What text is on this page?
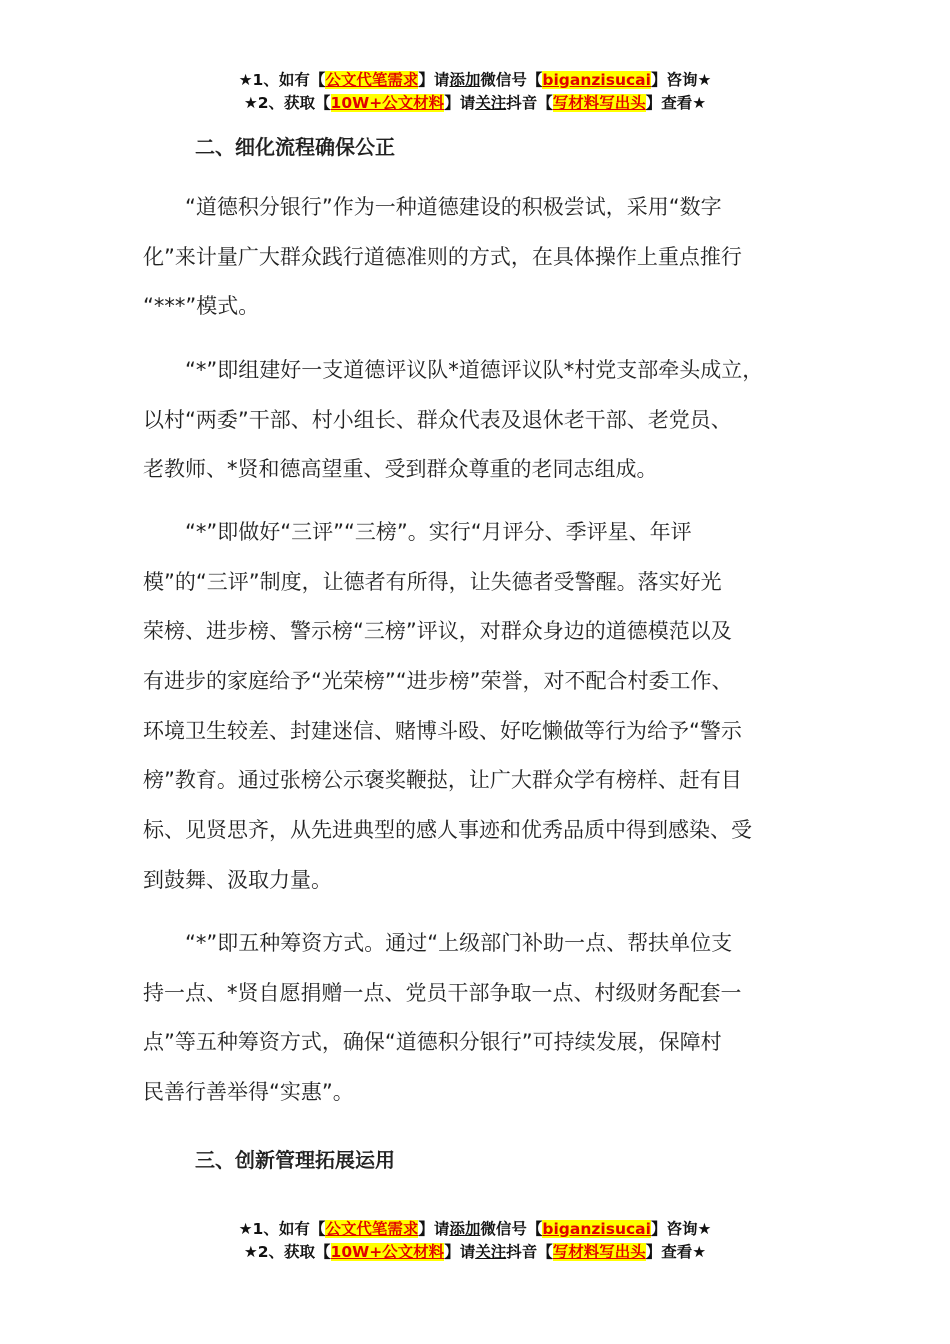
★1、如有【公文代笔需求】请添加微信号【biganzisucai】咨询★
★2、获取【10W+公文材料】请关注抖音【写材料写出头】查看★
二、细化流程确保公正
　　“道德积分银行”作为一种道德建设的积极尝试，采用“数字
化”来计量广大群众践行道德准则的方式，在具体操作上重点推行
“***”模式。
　　“*”即组建好一支道德评议队*道德评议队*村党支部牵头成立，
以村“两委”干部、村小组长、群众代表及退休老干部、老党员、
老教师、*贤和德高望重、受到群众尊重的老同志组成。
　　“*”即做好“三评”“三榜”。实行“月评分、季评星、年评
模”的“三评”制度，让德者有所得，让失德者受警醒。落实好光
荣榜、进步榜、警示榜“三榜”评议，对群众身边的道德模范以及
有进步的家庭给予“光荣榜”“进步榜”荣誉，对不配合村委工作、
环境卫生较差、封建迷信、赌博斗殴、好吃懒做等行为给予“警示
榜”教育。通过张榜公示褒奖鞭挞，让广大群众学有榜样、赶有目
标、见贤思齐，从先进典型的感人事迹和优秀品质中得到感染、受
到鼓舞、汲取力量。
　　“*”即五种筹资方式。通过“上级部门补助一点、帮扶单位支
持一点、*贤自愿捐赠一点、党员干部争取一点、村级财务配套一
点”等五种筹资方式，确保“道德积分银行”可持续发展，保障村
民善行善举得“实惠”。
三、创新管理拓展运用
★1、如有【公文代笔需求】请添加微信号【biganzisucai】咨询★
★2、获取【10W+公文材料】请关注抖音【写材料写出头】查看★
